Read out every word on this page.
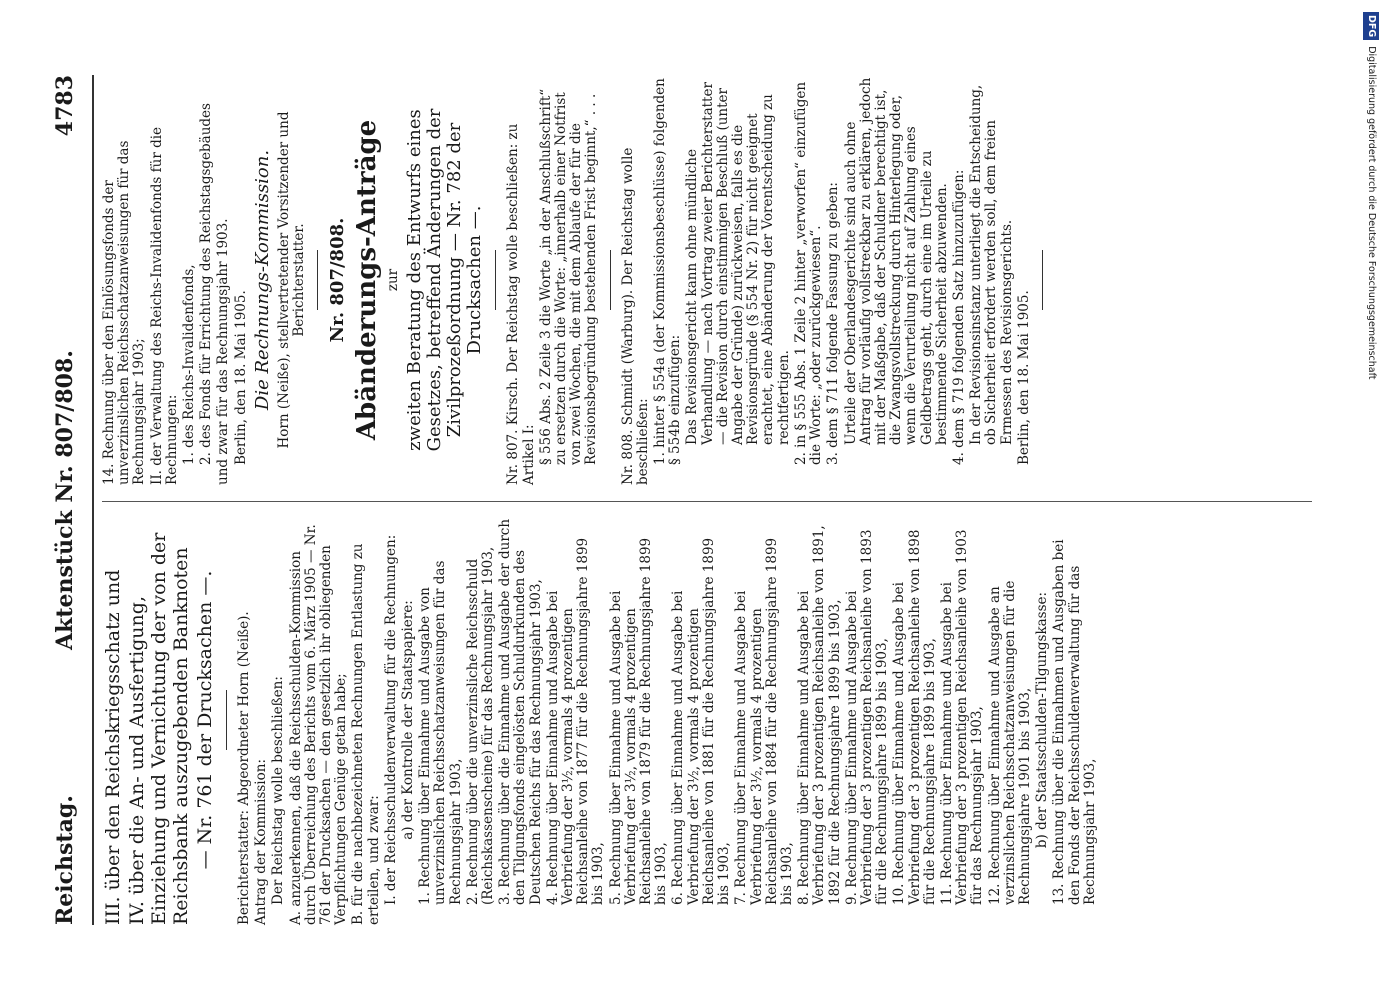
Reichstag.
Aktenstück Nr. 807/808.
4783

III. über den Reichskriegsschatz und IV. über die An- und Ausfertigung, Einziehung und Vernichtung der von der Reichsbank auszugebenden Banknoten — Nr. 761 der Drucksachen —. Berichterstatter: Abgeordneter Horn (Neiße). Antrag der Kommission: Der Reichstag wolle beschließen: A. anzuerkennen, daß die Reichsschulden-Kommission durch Überreichung des Berichts vom 6. März 1905 — Nr. 761 der Drucksachen — den gesetzlich ihr obliegenden Verpflichtungen Genüge getan habe; B. für die nachbezeichneten Rechnungen Entlastung zu erteilen, und zwar: I. der Reichsschuldenverwaltung für die Rechnungen: a) der Kontrolle der Staatspapiere: 1. Rechnung über Einnahme und Ausgabe von unverzinslichen Reichsschatzanweisungen für das Rechnungsjahr 1903, 2. Rechnung über die unverzinsliche Reichsschuld (Reichskassenscheine) für das Rechnungsjahr 1903, 3. Rechnung über die Einnahme und Ausgabe der durch den Tilgungsfonds eingelösten Schuldurkunden des Deutschen Reichs für das Rechnungsjahr 1903, 4. Rechnung über Einnahme und Ausgabe bei Verbriefung der 3½, vormals 4 prozentigen Reichsanleihe von 1877 für die Rechnungsjahre 1899 bis 1903, 5. Rechnung über Einnahme und Ausgabe bei Verbriefung der 3½, vormals 4 prozentigen Reichsanleihe von 1879 für die Rechnungsjahre 1899 bis 1903, 6. Rechnung über Einnahme und Ausgabe bei Verbriefung der 3½, vormals 4 prozentigen Reichsanleihe von 1881 für die Rechnungsjahre 1899 bis 1903, 7. Rechnung über Einnahme und Ausgabe bei Verbriefung der 3½, vormals 4 prozentigen Reichsanleihe von 1884 für die Rechnungsjahre 1899 bis 1903, 8. Rechnung über Einnahme und Ausgabe bei Verbriefung der 3 prozentigen Reichsanleihe von 1891, 1892 für die Rechnungsjahre 1899 bis 1903, 9. Rechnung über Einnahme und Ausgabe bei Verbriefung der 3 prozentigen Reichsanleihe von 1893 für die Rechnungsjahre 1899 bis 1903, 10. Rechnung über Einnahme und Ausgabe bei Verbriefung der 3 prozentigen Reichsanleihe von 1898 für die Rechnungsjahre 1899 bis 1903, 11. Rechnung über Einnahme und Ausgabe bei Verbriefung der 3 prozentigen Reichsanleihe von 1903 für das Rechnungsjahr 1903, 12. Rechnung über Einnahme und Ausgabe an verzinslichen Reichsschatzanweisungen für die Rechnungsjahre 1901 bis 1903, b) der Staatsschulden-Tilgungskasse: 13. Rechnung über die Einnahmen und Ausgaben bei den Fonds der Reichsschuldenverwaltung für das Rechnungsjahr 1903,

14. Rechnung über den Einlösungsfonds der unverzinslichen Reichsschatzanweisungen für das Rechnungsjahr 1903; II. der Verwaltung des Reichs-Invalidenfonds für die Rechnungen: 1. des Reichs-Invalidenfonds, 2. des Fonds für Errichtung des Reichstagsgebäudes und zwar für das Rechnungsjahr 1903. Berlin, den 18. Mai 1905. Die Rechnungs-Kommission. Horn (Neiße), stellvertretender Vorsitzender und Berichterstatter. Nr. 807/808. Abänderungs-Anträge zur zweiten Beratung des Entwurfs eines Gesetzes, betreffend Änderungen der Zivilprozeßordnung — Nr. 782 der Drucksachen —. Nr. 807. Kirsch. Der Reichstag wolle beschließen: zu Artikel I: § 556 Abs. 2 Zeile 3 die Worte „in der Anschlußschrift“ zu ersetzen durch die Worte: „innerhalb einer Notfrist von zwei Wochen, die mit dem Ablaufe der für die Revisionsbegründung bestehenden Frist beginnt,“ . . . Nr. 808. Schmidt (Warburg). Der Reichstag wolle beschließen: 1. hinter § 554a (der Kommissionsbeschlüsse) folgenden § 554b einzufügen: Das Revisionsgericht kann ohne mündliche Verhandlung — nach Vortrag zweier Berichterstatter — die Revision durch einstimmigen Beschluß (unter Angabe der Gründe) zurückweisen, falls es die Revisionsgründe (§ 554 Nr. 2) für nicht geeignet erachtet, eine Abänderung der Vorentscheidung zu rechtfertigen. 2. in § 555 Abs. 1 Zeile 2 hinter „verworfen“ einzufügen die Worte: „oder zurückgewiesen“. 3. dem § 711 folgende Fassung zu geben: Urteile der Oberlandesgerichte sind auch ohne Antrag für vorläufig vollstreckbar zu erklären, jedoch mit der Maßgabe, daß der Schuldner berechtigt ist, die Zwangsvollstreckung durch Hinterlegung oder, wenn die Verurteilung nicht auf Zahlung eines Geldbetrags geht, durch eine im Urteile zu bestimmende Sicherheit abzuwenden. 4. dem § 719 folgenden Satz hinzuzufügen: In der Revisionsinstanz unterliegt die Entscheidung, ob Sicherheit erfordert werden soll, dem freien Ermessen des Revisionsgerichts. Berlin, den 18. Mai 1905.

DFGDigitalisierung gefördert durch die Deutsche Forschungsgemeinschaft
